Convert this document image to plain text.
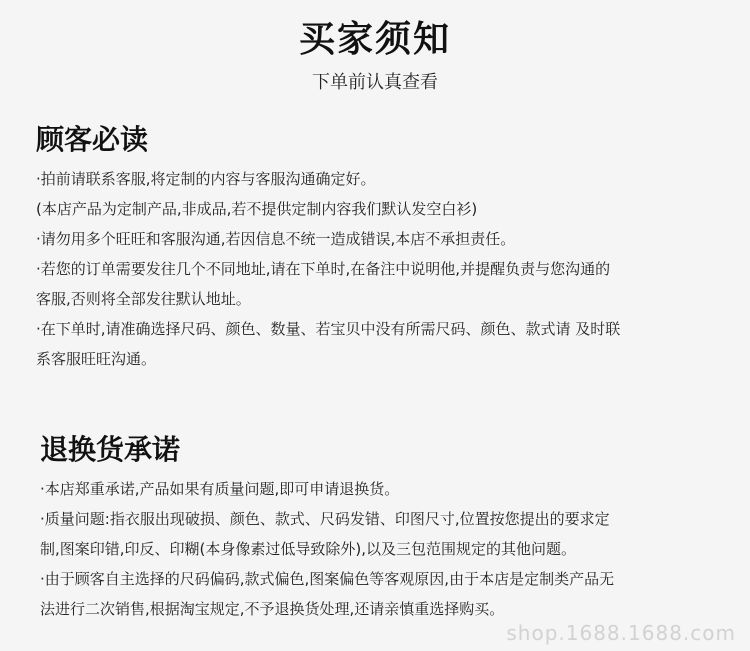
买家须知
下单前认真查看
顾客必读
·拍前请联系客服,将定制的内容与客服沟通确定好。
(本店产品为定制产品,非成品,若不提供定制内容我们默认发空白衫)
·请勿用多个旺旺和客服沟通,若因信息不统一造成错误,本店不承担责任。
·若您的订单需要发往几个不同地址,请在下单时,在备注中说明他,并提醒负责与您沟通的
客服,否则将全部发往默认地址。
·在下单时,请准确选择尺码、颜色、数量、若宝贝中没有所需尺码、颜色、款式请 及时联
系客服旺旺沟通。
退换货承诺
·本店郑重承诺,产品如果有质量问题,即可申请退换货。
·质量问题:指衣服出现破损、颜色、款式、尺码发错、印图尺寸,位置按您提出的要求定
制,图案印错,印反、印糊(本身像素过低导致除外),以及三包范围规定的其他问题。
·由于顾客自主选择的尺码偏码,款式偏色,图案偏色等客观原因,由于本店是定制类产品无
法进行二次销售,根据淘宝规定,不予退换货处理,还请亲慎重选择购买。
shop.1688.1688.com
